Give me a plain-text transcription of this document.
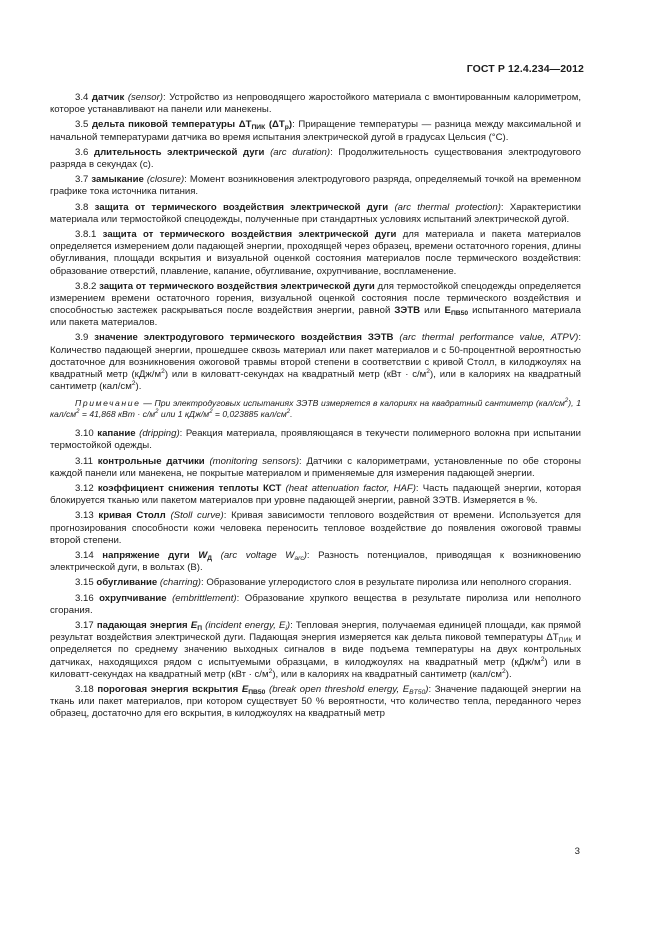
ГОСТ Р 12.4.234—2012

3.4 датчик (sensor): Устройство из непроводящего жаростойкого материала с вмонтированным калориметром, которое устанавливают на панели или манекены.

3.5 дельта пиковой температуры $\Delta T_{ПИК}$ $(\Delta T_p)$: Приращение температуры — разница между максимальной и начальной температурами датчика во время испытания электрической дугой в градусах Цельсия (°С).

3.6 длительность электрической дуги (arc duration): Продолжительность существования электродугового разряда в секундах (с).

3.7 замыкание (closure): Момент возникновения электродугового разряда, определяемый точкой на временном графике тока источника питания.

3.8 защита от термического воздействия электрической дуги (arc thermal protection): Характеристики материала или термостойкой спецодежды, полученные при стандартных условиях испытаний электрической дугой.

3.8.1 защита от термического воздействия электрической дуги для материала и пакета материалов определяется измерением доли падающей энергии, проходящей через образец, времени остаточного горения, длины обугливания, площади вскрытия и визуальной оценкой состояния материалов после термического воздействия: образование отверстий, плавление, капание, обугливание, охрупчивание, воспламенение.

3.8.2 защита от термического воздействия электрической дуги для термостойкой спецодежды определяется измерением времени остаточного горения, визуальной оценкой состояния после термического воздействия и способностью застежек раскрываться после воздействия энергии, равной ЗЭТВ или $E_{ПВ50}$ испытанного материала или пакета материалов.

3.9 значение электродугового термического воздействия ЗЭТВ (arc thermal performance value, ATPV): Количество падающей энергии, прошедшее сквозь материал или пакет материалов и с 50-процентной вероятностью достаточное для возникновения ожоговой травмы второй степени в соответствии с кривой Столл, в килоджоулях на квадратный метр $(кДж/м^2)$ или в киловатт-секундах на квадратный метр $(кВт \cdot с/м^2)$, или в калориях на квадратный сантиметр $(кал/см^2)$.

Примечание — При электродуговых испытаниях ЗЭТВ измеряется в калориях на квадратный сантиметр $(кал/см^2)$, 1 кал/$см^2 = 41,868$ кВт · $с/м^2$ или 1 кДж/$м^2 = 0,023885$ кал/$см^2$.

3.10 капание (dripping): Реакция материала, проявляющаяся в текучести полимерного волокна при испытании термостойкой одежды.

3.11 контрольные датчики (monitoring sensors): Датчики с калориметрами, установленные по обе стороны каждой панели или манекена, не покрытые материалом и применяемые для измерения падающей энергии.

3.12 коэффициент снижения теплоты КСТ (heat attenuation factor, HAF): Часть падающей энергии, которая блокируется тканью или пакетом материалов при уровне падающей энергии, равной ЗЭТВ. Измеряется в %.

3.13 кривая Столл (Stoll curve): Кривая зависимости теплового воздействия от времени. Используется для прогнозирования способности кожи человека переносить тепловое воздействие до появления ожоговой травмы второй степени.

3.14 напряжение дуги $W_Д$ (arc voltage $W_{arc}$): Разность потенциалов, приводящая к возникновению электрической дуги, в вольтах (В).

3.15 обугливание (charring): Образование углеродистого слоя в результате пиролиза или неполного сгорания.

3.16 охрупчивание (embrittlement): Образование хрупкого вещества в результате пиролиза или неполного сгорания.

3.17 падающая энергия $E_П$ (incident energy, $E_i$): Тепловая энергия, получаемая единицей площади, как прямой результат воздействия электрической дуги. Падающая энергия измеряется как дельта пиковой температуры $\Delta T_{ПИК}$ и определяется по среднему значению выходных сигналов в виде подъема температуры на двух контрольных датчиках, находящихся рядом с испытуемыми образцами, в килоджоулях на квадратный метр $(кДж/м^2)$ или в киловатт-секундах на квадратный метр $(кВт \cdot с/м^2)$, или в калориях на квадратный сантиметр $(кал/см^2)$.

3.18 пороговая энергия вскрытия $E_{ПВ50}$ (break open threshold energy, $E_{BT50}$): Значение падающей энергии на ткань или пакет материалов, при котором существует 50 % вероятности, что количество тепла, переданного через образец, достаточно для его вскрытия, в килоджоулях на квадратный метр

3
